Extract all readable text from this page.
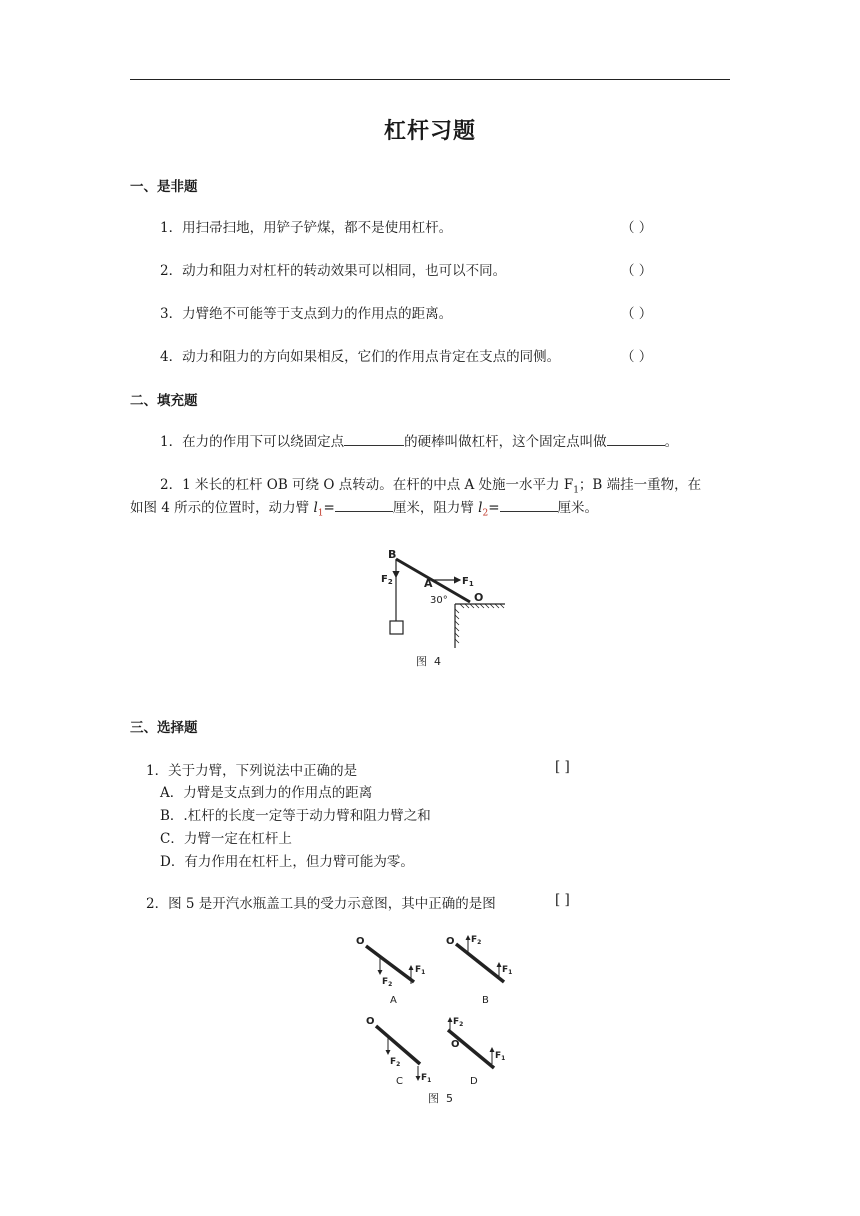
杠杆习题
一、是非题
1．用扫帚扫地，用铲子铲煤，都不是使用杠杆。	（ ）
2．动力和阻力对杠杆的转动效果可以相同，也可以不同。	（ ）
3．力臂绝不可能等于支点到力的作用点的距离。	（ ）
4．动力和阻力的方向如果相反，它们的作用点肯定在支点的同侧。	（ ）
二、填充题
1．在力的作用下可以绕固定点	的硬棒叫做杠杆，这个固定点叫做	。
2．1 米长的杠杆 OB 可绕 O 点转动。在杆的中点 A 处施一水平力 $F_1$；B 端挂一重物，在
如图 4 所示的位置时，动力臂 $l_1=$	厘米，阻力臂 $l_2=$	厘米。
B
$F_2$	A	$F_1$
30° O
图  4
三、选择题
1．关于力臂，下列说法中正确的是	[ ]
A．力臂是支点到力的作用点的距离
B．.杠杆的长度一定等于动力臂和阻力臂之和
C．力臂一定在杠杆上
D．有力作用在杠杆上，但力臂可能为零。
2．图 5 是开汽水瓶盖工具的受力示意图，其中正确的是图	[ ]
O
$F_2$
$F_1$
A
O $F_2$
$F_1$
B
O
$F_2$
$F_1$
C
$F_2$
O
$F_1$
D
图  5
